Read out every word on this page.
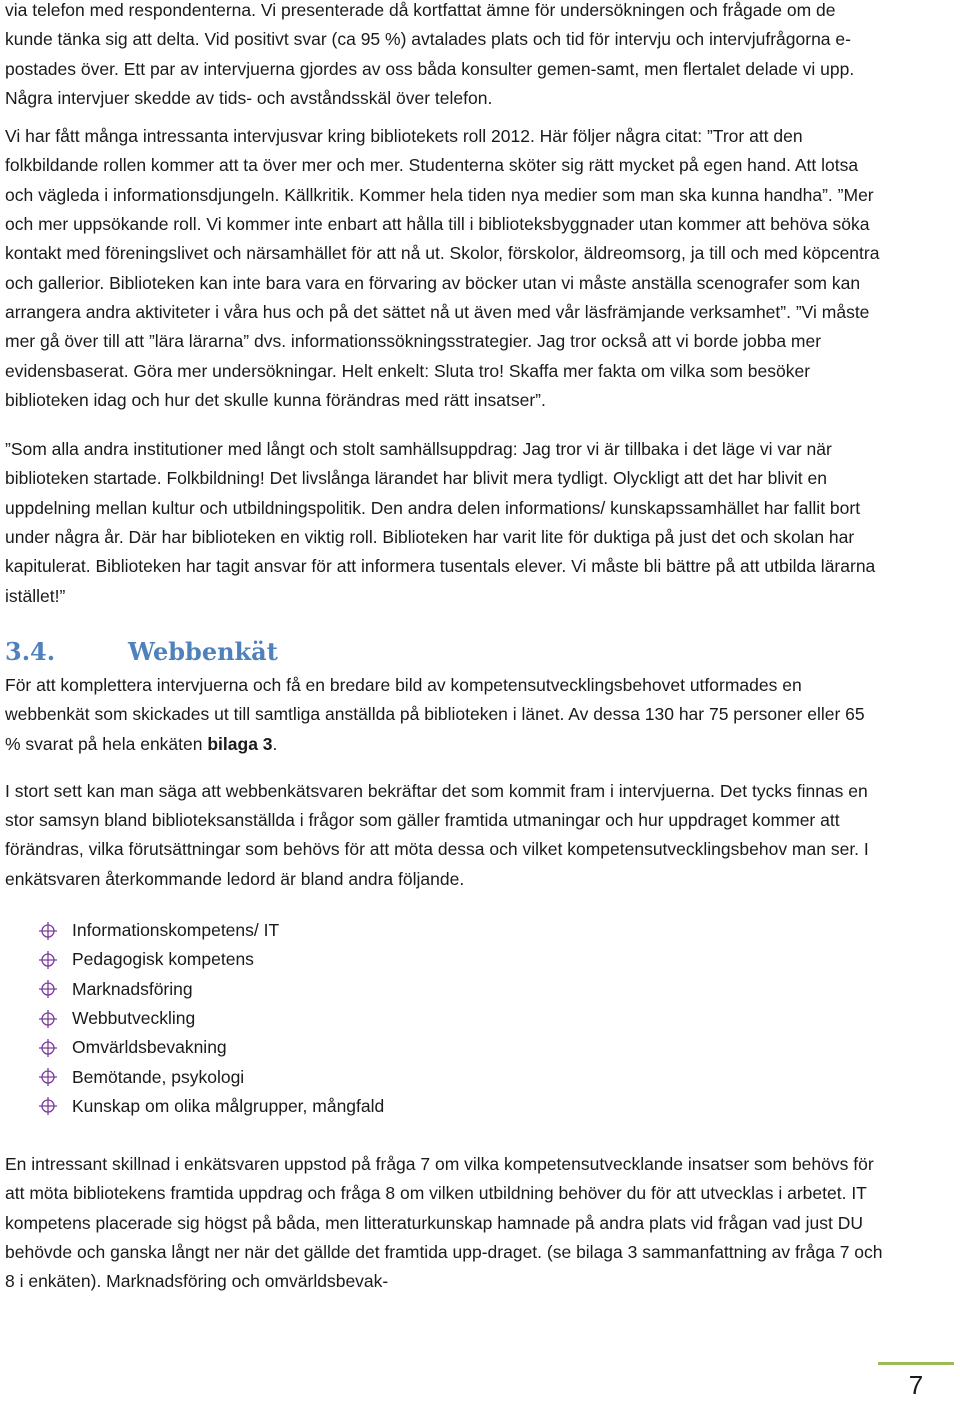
via telefon med respondenterna. Vi presenterade då kortfattat ämne för undersökningen och frågade om de kunde tänka sig att delta. Vid positivt svar (ca 95 %) avtalades plats och tid för intervju och intervjufrågorna e-postades över. Ett par av intervjuerna gjordes av oss båda konsulter gemen-samt, men flertalet delade vi upp. Några intervjuer skedde av tids- och avståndsskäl över telefon.

Vi har fått många intressanta intervjusvar kring bibliotekets roll 2012. Här följer några citat: ”Tror att den folkbildande rollen kommer att ta över mer och mer. Studenterna sköter sig rätt mycket på egen hand. Att lotsa och vägleda i informationsdjungeln. Källkritik. Kommer hela tiden nya medier som man ska kunna handha”. ”Mer och mer uppsökande roll. Vi kommer inte enbart att hålla till i biblioteksbyggnader utan kommer att behöva söka kontakt med föreningslivet och närsamhället för att nå ut. Skolor, förskolor, äldreomsorg, ja till och med köpcentra och gallerior. Biblioteken kan inte bara vara en förvaring av böcker utan vi måste anställa scenografer som kan arrangera andra aktiviteter i våra hus och på det sättet nå ut även med vår läsfrämjande verksamhet”. ”Vi måste mer gå över till att ”lära lärarna” dvs. informationssökningsstrategier. Jag tror också att vi borde jobba mer evidensbaserat. Göra mer undersökningar. Helt enkelt: Sluta tro! Skaffa mer fakta om vilka som besöker biblioteken idag och hur det skulle kunna förändras med rätt insatser”.

”Som alla andra institutioner med långt och stolt samhällsuppdrag: Jag tror vi är tillbaka i det läge vi var när biblioteken startade. Folkbildning! Det livslånga lärandet har blivit mera tydligt. Olyckligt att det har blivit en uppdelning mellan kultur och utbildningspolitik. Den andra delen informations/ kunskapssamhället har fallit bort under några år. Där har biblioteken en viktig roll. Biblioteken har varit lite för duktiga på just det och skolan har kapitulerat. Biblioteken har tagit ansvar för att informera tusentals elever. Vi måste bli bättre på att utbilda lärarna istället!”

3.4.	Webbenkät

För att komplettera intervjuerna och få en bredare bild av kompetensutvecklingsbehovet utformades en webbenkät som skickades ut till samtliga anställda på biblioteken i länet. Av dessa 130 har 75 personer eller 65 % svarat på hela enkäten bilaga 3.

I stort sett kan man säga att webbenkätsvaren bekräftar det som kommit fram i intervjuerna. Det tycks finnas en stor samsyn bland biblioteksanställda i frågor som gäller framtida utmaningar och hur uppdraget kommer att förändras, vilka förutsättningar som behövs för att möta dessa och vilket kompetensutvecklingsbehov man ser. I enkätsvaren återkommande ledord är bland andra följande.

Informationskompetens/ IT
Pedagogisk kompetens
Marknadsföring
Webbutveckling
Omvärldsbevakning
Bemötande, psykologi
Kunskap om olika målgrupper, mångfald

En intressant skillnad i enkätsvaren uppstod på fråga 7 om vilka kompetensutvecklande insatser som behövs för att möta bibliotekens framtida uppdrag och fråga 8 om vilken utbildning behöver du för att utvecklas i arbetet. IT kompetens placerade sig högst på båda, men litteraturkunskap hamnade på andra plats vid frågan vad just DU behövde och ganska långt ner när det gällde det framtida upp-draget. (se bilaga 3 sammanfattning av fråga 7 och 8 i enkäten). Marknadsföring och omvärldsbevak-

7
